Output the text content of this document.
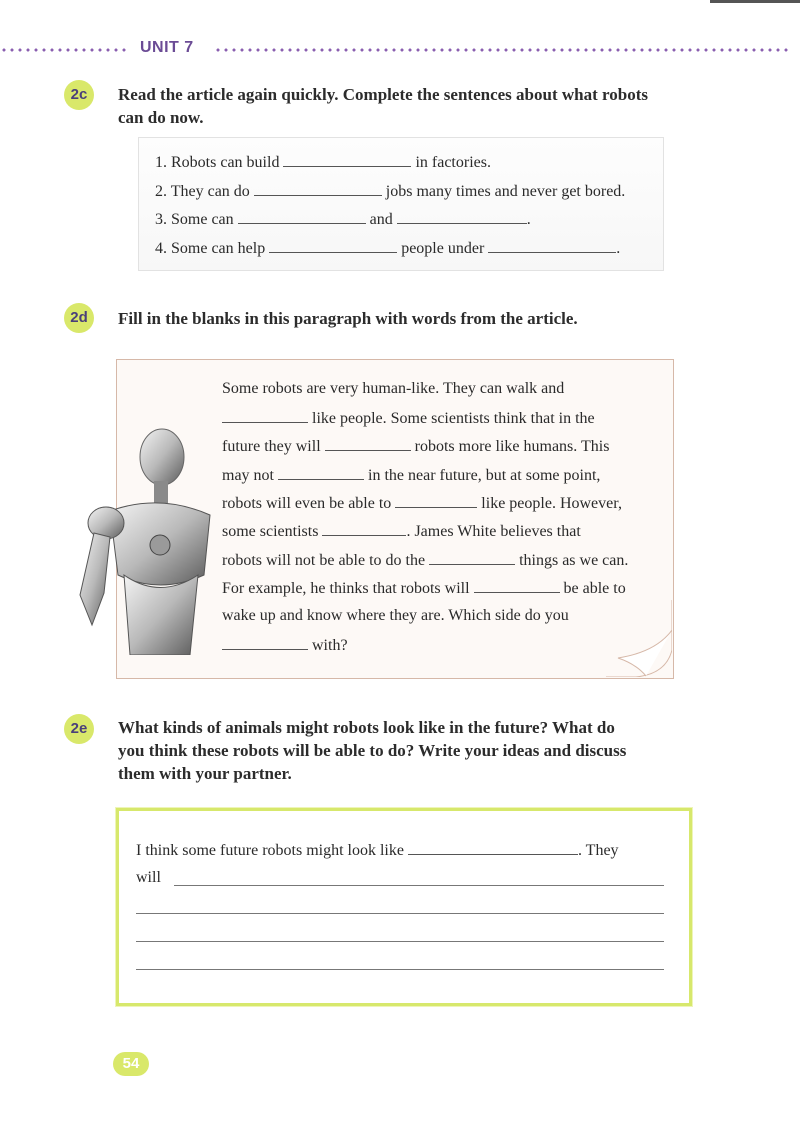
UNIT 7
2c	Read the article again quickly. Complete the sentences about what robots
can do now.
1. Robots can build	in factories.
2. They can do	jobs many times and never get bored.
3. Some can	and	.
4. Some can help	people under	.
2d	Fill in the blanks in this paragraph with words from the article.
Some robots are very human-like. They can walk and
like people. Some scientists think that in the
future they will	robots more like humans. This
may not	in the near future, but at some point,
robots will even be able to	like people. However,
some scientists	. James White believes that
robots will not be able to do the	things as we can.
For example, he thinks that robots will	be able to
wake up and know where they are. Which side do you
with?
2e	What kinds of animals might robots look like in the future? What do
you think these robots will be able to do? Write your ideas and discuss
them with your partner.
I think some future robots might look like	. They
will
54
